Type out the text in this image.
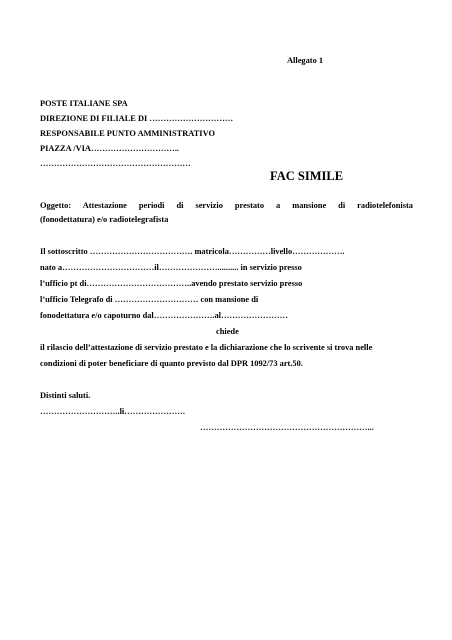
Allegato 1
POSTE ITALIANE SPA
DIREZIONE DI FILIALE DI …………………………
RESPONSABILE PUNTO AMMINISTRATIVO
PIAZZA /VIA…………………………..
………………………………………………
FAC SIMILE
Oggetto: Attestazione periodi di servizio prestato a mansione di radiotelefonista
(fonodettatura) e/o radiotelegrafista
Il sottoscritto ………………………………. matricola……………livello……………….
nato a……………………………il………………….......... in servizio presso
l’ufficio pt di………………………………..avendo prestato servizio presso
l’ufficio Telegrafo di ………………………… con mansione di
fonodettatura e/o capoturno dal………………….al……………………
chiede
il rilascio dell’attestazione di servizio prestato e la dichiarazione che lo scrivente si trova nelle
condizioni di poter beneficiare di quanto previsto dal DPR 1092/73 art.50.
Distinti saluti.
………………………..li………………….
……………………………………………………...
